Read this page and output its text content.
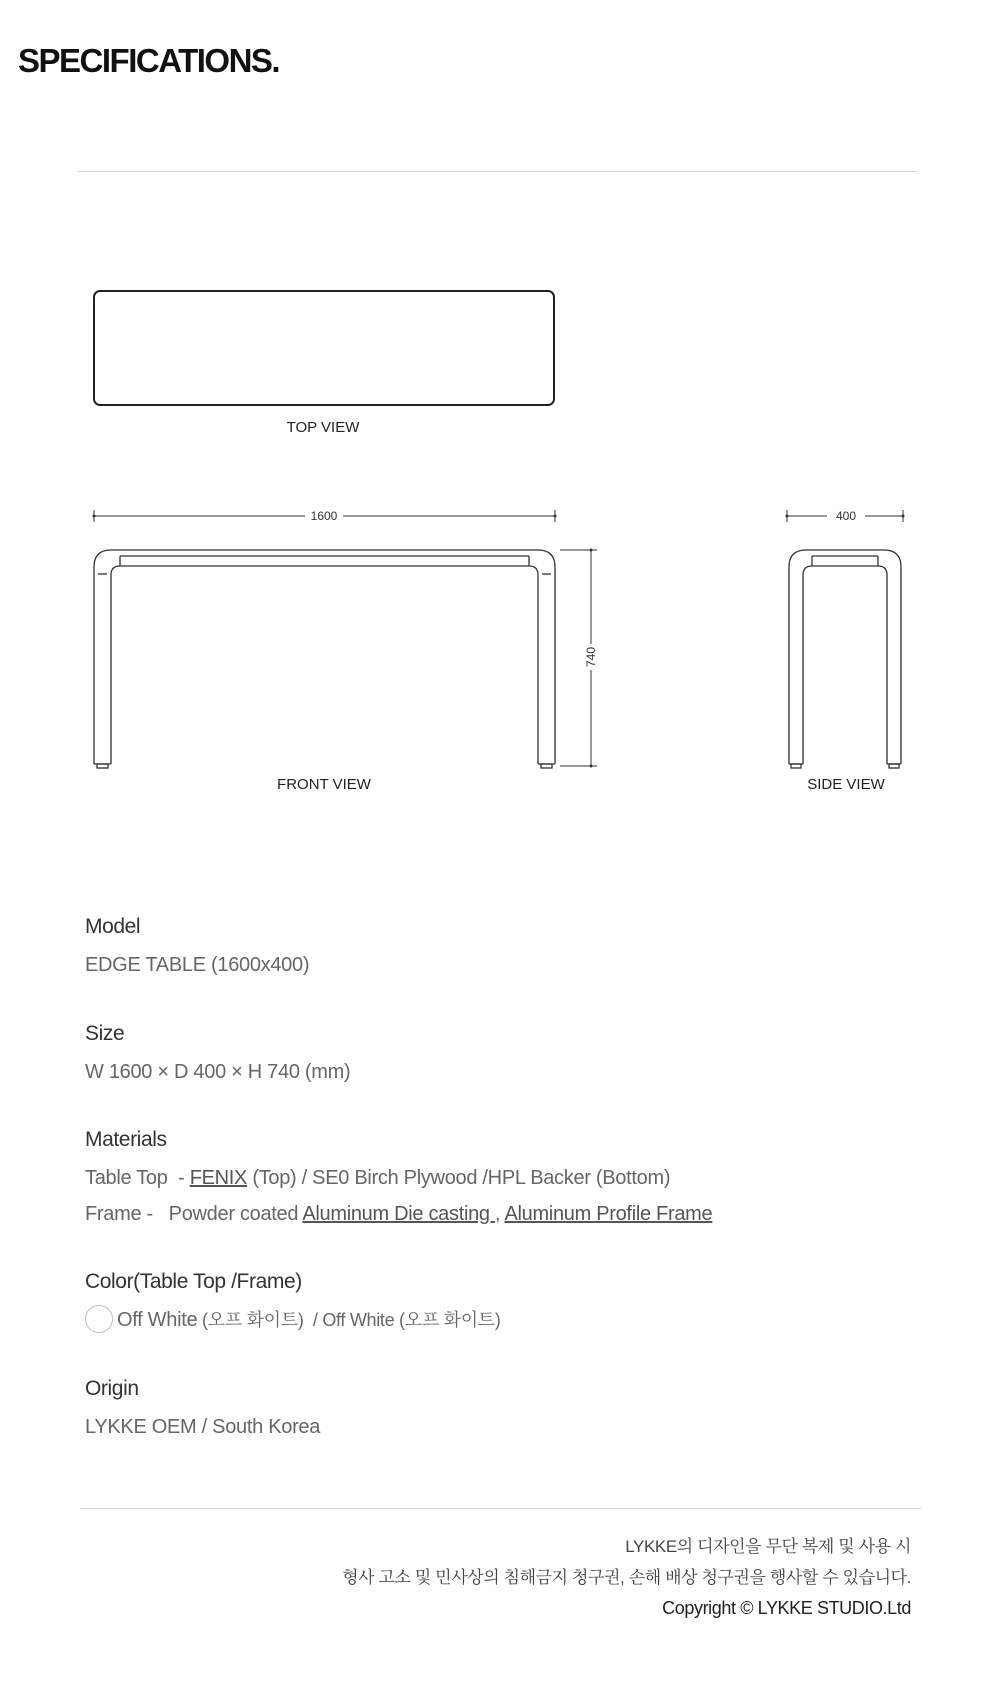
SPECIFICATIONS.
TOP VIEW
1600
740
FRONT VIEW
400
SIDE VIEW

Model

EDGE TABLE (1600x400)

Size

W 1600 × D 400 × H 740 (mm)

Materials

Table Top  - FENIX (Top) / SE0 Birch Plywood /HPL Backer (Bottom)
Frame -   Powder coated Aluminum Die casting , Aluminum Profile Frame

Color(Table Top /Frame)

Off White (오프 화이트)  / Off White (오프 화이트)

Origin

LYKKE OEM / South Korea
LYKKE의 디자인을 무단 복제 및 사용 시
형사 고소 및 민사상의 침해금지 청구권, 손해 배상 청구권을 행사할 수 있습니다.
Copyright © LYKKE STUDIO.Ltd
